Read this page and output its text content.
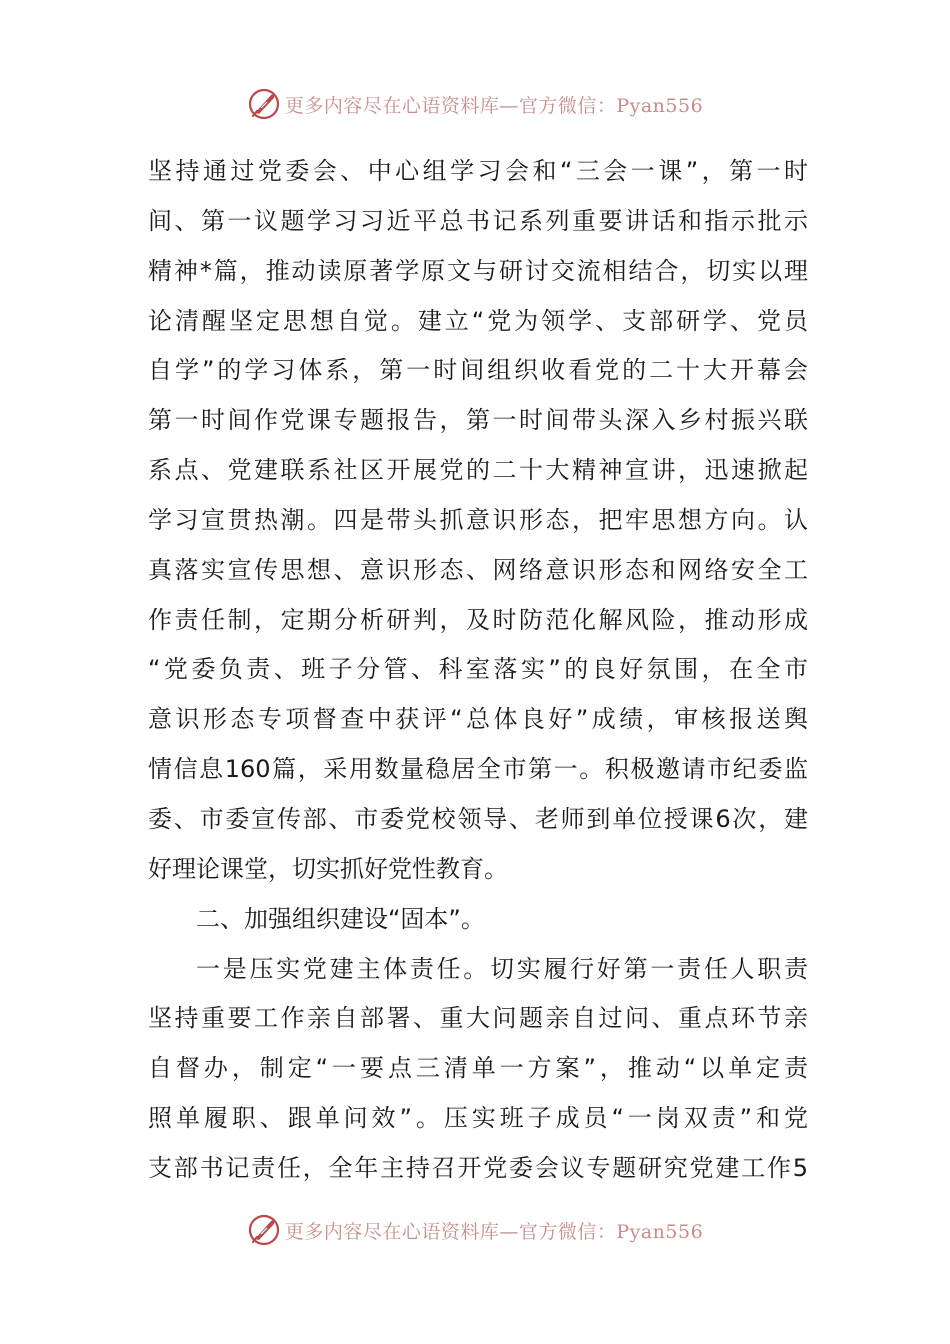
更多内容尽在心语资料库—官方微信：Pyan556
坚持通过党委会、中心组学习会和“三会一课”，第一时
间、第一议题学习习近平总书记系列重要讲话和指示批示
精神*篇，推动读原著学原文与研讨交流相结合，切实以理
论清醒坚定思想自觉。建立“党为领学、支部研学、党员
自学”的学习体系，第一时间组织收看党的二十大开幕会
第一时间作党课专题报告，第一时间带头深入乡村振兴联
系点、党建联系社区开展党的二十大精神宣讲，迅速掀起
学习宣贯热潮。四是带头抓意识形态，把牢思想方向。认
真落实宣传思想、意识形态、网络意识形态和网络安全工
作责任制，定期分析研判，及时防范化解风险，推动形成
“党委负责、班子分管、科室落实”的良好氛围，在全市
意识形态专项督查中获评“总体良好”成绩，审核报送舆
情信息160篇，采用数量稳居全市第一。积极邀请市纪委监
委、市委宣传部、市委党校领导、老师到单位授课6次，建
好理论课堂，切实抓好党性教育。
二、加强组织建设“固本”。
一是压实党建主体责任。切实履行好第一责任人职责
坚持重要工作亲自部署、重大问题亲自过问、重点环节亲
自督办，制定“一要点三清单一方案”，推动“以单定责
照单履职、跟单问效”。压实班子成员“一岗双责”和党
支部书记责任，全年主持召开党委会议专题研究党建工作5
更多内容尽在心语资料库—官方微信：Pyan556
